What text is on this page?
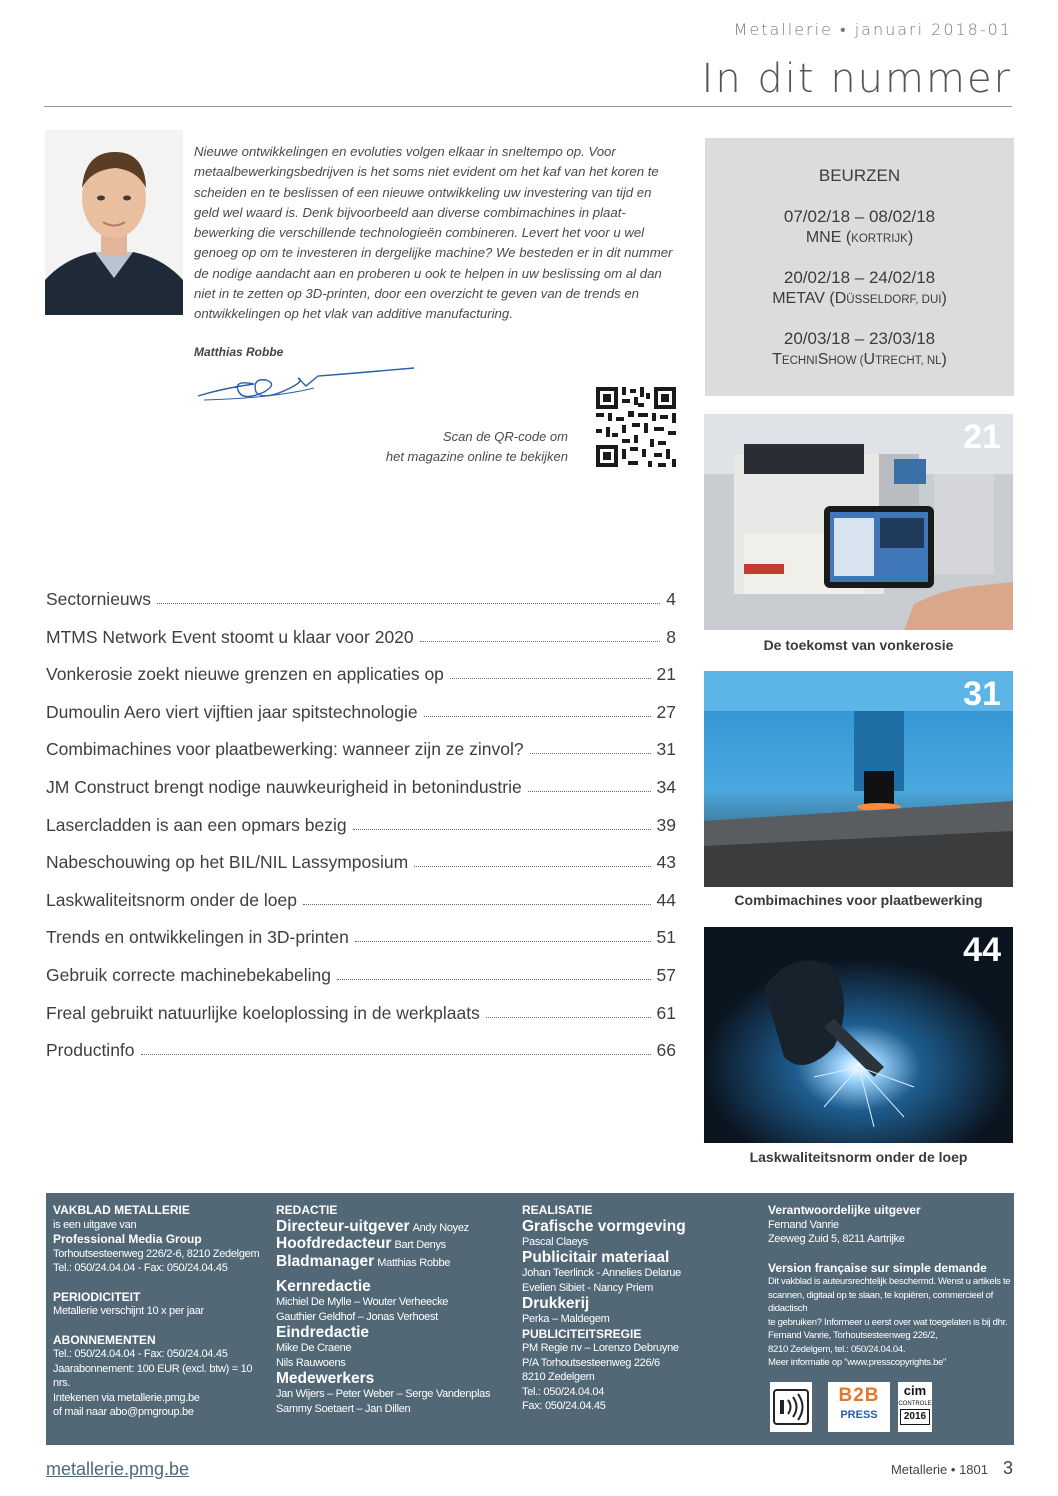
Metallerie • januari 2018-01
In dit nummer
Nieuwe ontwikkelingen en evoluties volgen elkaar in sneltempo op. Voor metaalbewerkingsbedrijven is het soms niet evident om het kaf van het koren te scheiden en te beslissen of een nieuwe ontwikkeling uw investering van tijd en geld wel waard is. Denk bijvoorbeeld aan diverse combimachines in plaatbewerking die verschillende technologieën combineren. Levert het voor u wel genoeg op om te investeren in dergelijke machine? We besteden er in dit nummer de nodige aandacht aan en proberen u ook te helpen in uw beslissing om al dan niet in te zetten op 3D-printen, door een overzicht te geven van de trends en ontwikkelingen op het vlak van additive manufacturing.
Matthias Robbe
Scan de QR-code om
het magazine online te bekijken
BEURZEN
07/02/18 – 08/02/18
MNE (KORTRIJK)
20/02/18 – 24/02/18
METAV (DÜSSELDORF, DUI)
20/03/18 – 23/03/18
TECHNISHOW (UTRECHT, NL)
Sectornieuws	4
MTMS Network Event stoomt u klaar voor 2020	8
Vonkerosie zoekt nieuwe grenzen en applicaties op	21
Dumoulin Aero viert vijftien jaar spitstechnologie	27
Combimachines voor plaatbewerking: wanneer zijn ze zinvol?	31
JM Construct brengt nodige nauwkeurigheid in betonindustrie	34
Lasercladden is aan een opmars bezig	39
Nabeschouwing op het BIL/NIL Lassymposium	43
Laskwaliteitsnorm onder de loep	44
Trends en ontwikkelingen in 3D-printen	51
Gebruik correcte machinebekabeling	57
Freal gebruikt natuurlijke koeloplossing in de werkplaats	61
Productinfo	66
21
De toekomst van vonkerosie
31
Combimachines voor plaatbewerking
44
Laskwaliteitsnorm onder de loep
VAKBLAD METALLERIE
is een uitgave van
Professional Media Group
Torhoutsesteenweg 226/2-6, 8210 Zedelgem
Tel.: 050/24.04.04 - Fax: 050/24.04.45
PERIODICITEIT
Metallerie verschijnt 10 x per jaar
ABONNEMENTEN
Tel.: 050/24.04.04 - Fax: 050/24.04.45
Jaarabonnement: 100 EUR (excl. btw) = 10 nrs.
Intekenen via metallerie.pmg.be
of mail naar abo@pmgroup.be
REDACTIE
Directeur-uitgever Andy Noyez
Hoofdredacteur Bart Denys
Bladmanager Matthias Robbe
Kernredactie
Michiel De Mylle – Wouter Verheecke
Gauthier Geldhof – Jonas Verhoest
Eindredactie
Mike De Craene
Nils Rauwoens
Medewerkers
Jan Wijers – Peter Weber – Serge Vandenplas
Sammy Soetaert – Jan Dillen
REALISATIE
Grafische vormgeving
Pascal Claeys
Publicitair materiaal
Johan Teerlinck - Annelies Delarue
Evelien Sibiet - Nancy Priem
Drukkerij
Perka – Maldegem
PUBLICITEITSREGIE
PM Regie nv – Lorenzo Debruyne
P/A Torhoutsesteenweg 226/6
8210 Zedelgem
Tel.: 050/24.04.04
Fax: 050/24.04.45
Verantwoordelijke uitgever
Fernand Vanrie
Zeeweg Zuid 5, 8211 Aartrijke
Version française sur simple demande
Dit vakblad is auteursrechtelijk beschermd. Wenst u artikels te
scannen, digitaal op te slaan, te kopiëren, commercieel of didactisch
te gebruiken? Informeer u eerst over wat toegelaten is bij dhr.
Fernand Vanrie, Torhoutsesteenweg 226/2,
8210 Zedelgem, tel.: 050/24.04.04.
Meer informatie op "www.presscopyrights.be"
B2B
PRESS
cim
CONTROLE
2016
metallerie.pmg.be	Metallerie • 1801 3
